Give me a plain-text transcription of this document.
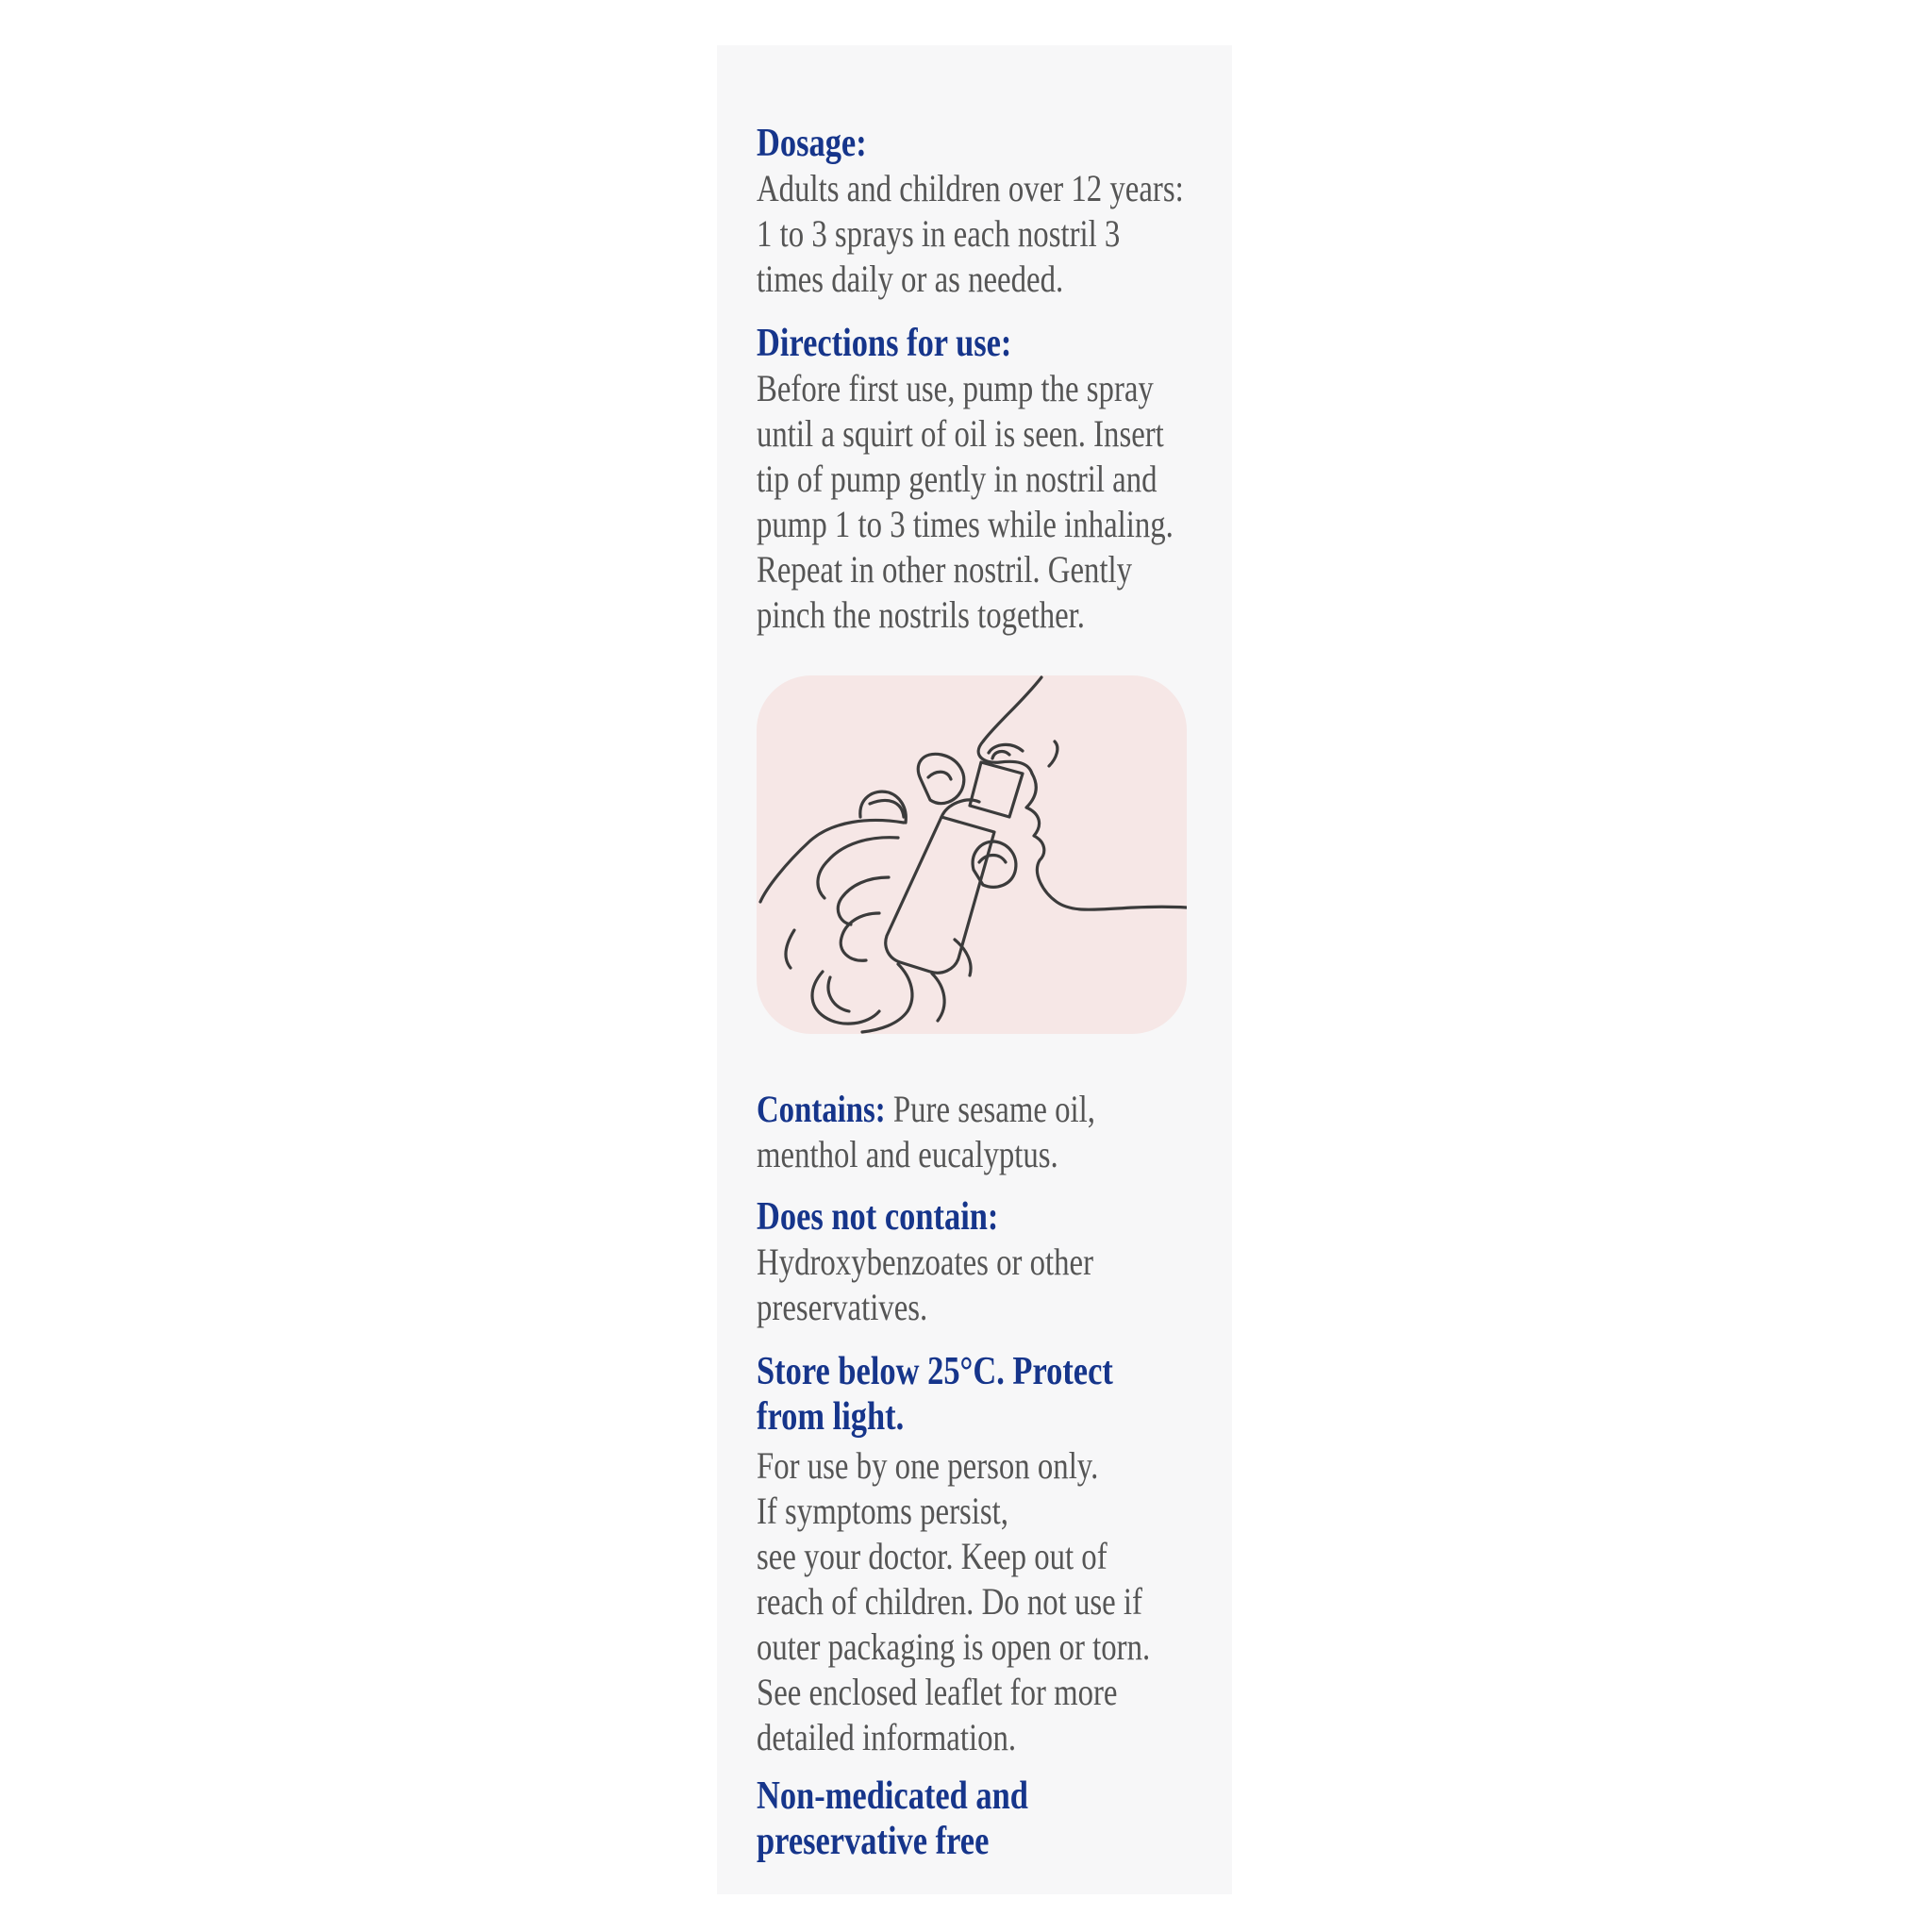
Dosage:
Adults and children over 12 years:
1 to 3 sprays in each nostril 3
times daily or as needed.
Directions for use:
Before first use, pump the spray
until a squirt of oil is seen. Insert
tip of pump gently in nostril and
pump 1 to 3 times while inhaling.
Repeat in other nostril. Gently
pinch the nostrils together.
Contains: Pure sesame oil,
menthol and eucalyptus.
Does not contain:
Hydroxybenzoates or other
preservatives.
Store below 25°C. Protect
from light.
For use by one person only.
If symptoms persist,
see your doctor. Keep out of
reach of children. Do not use if
outer packaging is open or torn.
See enclosed leaflet for more
detailed information.
Non-medicated and
preservative free
